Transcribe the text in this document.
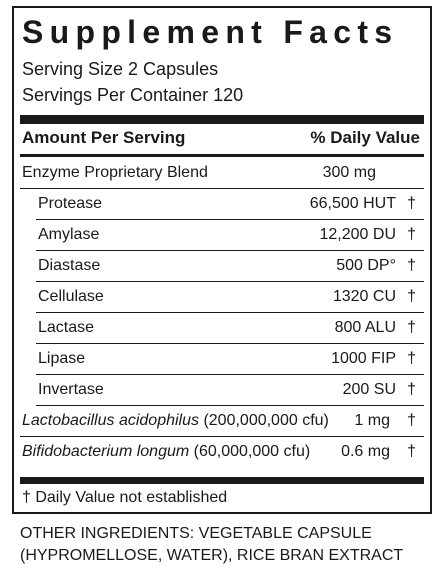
Supplement Facts
Serving Size 2 Capsules
Servings Per Container 120
Amount Per Serving	% Daily Value
Enzyme Proprietary Blend	300 mg
Protease	66,500 HUT †
Amylase	12,200 DU †
Diastase	500 DP° †
Cellulase	1320 CU †
Lactase	800 ALU †
Lipase	1000 FIP †
Invertase	200 SU †
Lactobacillus acidophilus (200,000,000 cfu) 1 mg †
Bifidobacterium longum (60,000,000 cfu) 0.6 mg †
† Daily Value not established
OTHER INGREDIENTS: VEGETABLE CAPSULE
(HYPROMELLOSE, WATER), RICE BRAN EXTRACT
